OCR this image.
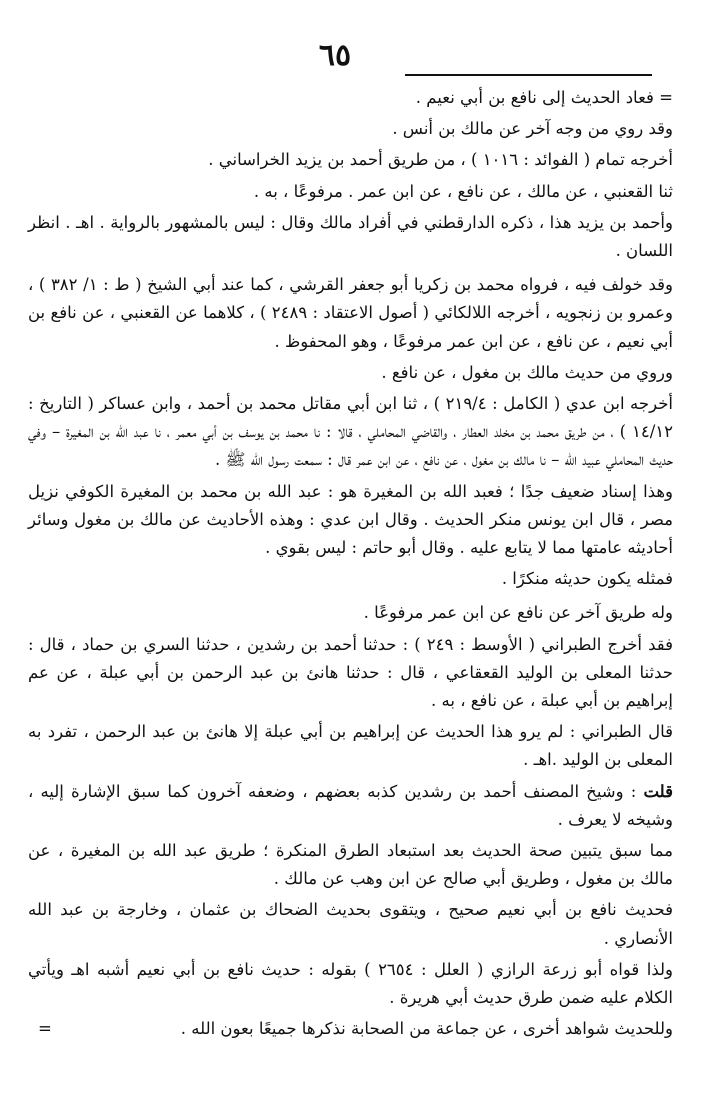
٦٥

= فعاد الحديث إلى نافع بن أبي نعيم .

وقد روي من وجه آخر عن مالك بن أنس .

أخرجه تمام ( الفوائد : ١٠١٦ ) ، من طريق أحمد بن يزيد الخراساني .

ثنا القعنبي ، عن مالك ، عن نافع ، عن ابن عمر . مرفوعًا ، به .

وأحمد بن يزيد هذا ، ذكره الدارقطني في أفراد مالك وقال : ليس بالمشهور بالرواية . اهـ . انظر اللسان .

وقد خولف فيه ، فرواه محمد بن زكريا أبو جعفر القرشي ، كما عند أبي الشيخ ( ط : ١/ ٣٨٢ ) ، وعمرو بن زنجويه ، أخرجه اللالكائي ( أصول الاعتقاد : ٢٤٨٩ ) ، كلاهما عن القعنبي ، عن نافع بن أبي نعيم ، عن نافع ، عن ابن عمر مرفوعًا ، وهو المحفوظ .

وروي من حديث مالك بن مغول ، عن نافع .

أخرجه ابن عدي ( الكامل : ٢١٩/٤ ) ، ثنا ابن أبي مقاتل محمد بن أحمد ، وابن عساكر ( التاريخ : ١٤/١٢ ) ، من طريق محمد بن مخلد العطار ، والقاضي المحاملي ، قالا : نا محمد بن يوسف بن أبي معمر ، نا عبد الله بن المغيرة – وفي حديث المحاملي عبيد الله – نا مالك بن مغول ، عن نافع ، عن ابن عمر قال : سمعت رسول الله ﷺ .

وهذا إسناد ضعيف جدًا ؛ فعبد الله بن المغيرة هو : عبد الله بن محمد بن المغيرة الكوفي نزيل مصر ، قال ابن يونس منكر الحديث . وقال ابن عدي : وهذه الأحاديث عن مالك بن مغول وسائر أحاديثه عامتها مما لا يتابع عليه . وقال أبو حاتم : ليس بقوي .

فمثله يكون حديثه منكرًا .

وله طريق آخر عن نافع عن ابن عمر مرفوعًا .

فقد أخرج الطبراني ( الأوسط : ٢٤٩ ) : حدثنا أحمد بن رشدين ، حدثنا السري بن حماد ، قال : حدثنا المعلى بن الوليد القعقاعي ، قال : حدثنا هانئ بن عبد الرحمن بن أبي عبلة ، عن عم إبراهيم بن أبي عبلة ، عن نافع ، به .

قال الطبراني : لم يرو هذا الحديث عن إبراهيم بن أبي عبلة إلا هانئ بن عبد الرحمن ، تفرد به المعلى بن الوليد .اهـ .

قلت : وشيخ المصنف أحمد بن رشدين كذبه بعضهم ، وضعفه آخرون كما سبق الإشارة إليه ، وشيخه لا يعرف .

مما سبق يتبين صحة الحديث بعد استبعاد الطرق المنكرة ؛ طريق عبد الله بن المغيرة ، عن مالك بن مغول ، وطريق أبي صالح عن ابن وهب عن مالك .

فحديث نافع بن أبي نعيم صحيح ، ويتقوى بحديث الضحاك بن عثمان ، وخارجة بن عبد الله الأنصاري .

ولذا قواه أبو زرعة الرازي ( العلل : ٢٦٥٤ ) بقوله : حديث نافع بن أبي نعيم أشبه اهـ ويأتي الكلام عليه ضمن طرق حديث أبي هريرة .

وللحديث شواهد أخرى ، عن جماعة من الصحابة نذكرها جميعًا بعون الله .
=
